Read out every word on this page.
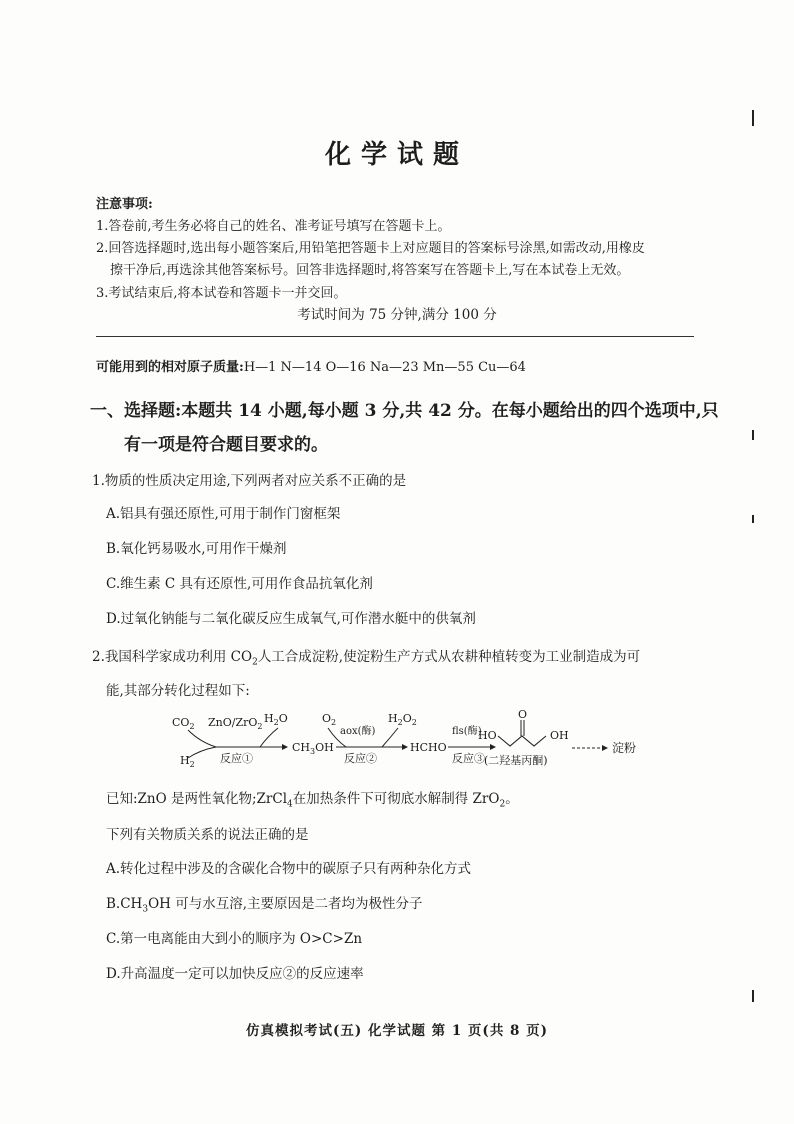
化学试题
注意事项:
1.答卷前,考生务必将自己的姓名、准考证号填写在答题卡上。
2.回答选择题时,选出每小题答案后,用铅笔把答题卡上对应题目的答案标号涂黑,如需改动,用橡皮
擦干净后,再选涂其他答案标号。回答非选择题时,将答案写在答题卡上,写在本试卷上无效。
3.考试结束后,将本试卷和答题卡一并交回。
考试时间为 75 分钟,满分 100 分
可能用到的相对原子质量:H—1 N—14 O—16 Na—23 Mn—55 Cu—64
一、选择题:本题共 14 小题,每小题 3 分,共 42 分。在每小题给出的四个选项中,只
有一项是符合题目要求的。
1.物质的性质决定用途,下列两者对应关系不正确的是
A.铝具有强还原性,可用于制作门窗框架
B.氧化钙易吸水,可用作干燥剂
C.维生素 C 具有还原性,可用作食品抗氧化剂
D.过氧化钠能与二氧化碳反应生成氧气,可作潜水艇中的供氧剂
2.我国科学家成功利用 $CO_2$人工合成淀粉,使淀粉生产方式从农耕种植转变为工业制造成为可
能,其部分转化过程如下:
$CO_2$
$H_2$
ZnO/ZrO$_2$
$H_2O$
反应①
$CH_3OH$
$O_2$
aox(酶)
$H_2O_2$
反应②
HCHO
fls(酶)
反应③
HO
O
OH
(二羟基丙酮)
淀粉
已知:ZnO 是两性氧化物;ZrCl$_4$在加热条件下可彻底水解制得 ZrO$_2$。
下列有关物质关系的说法正确的是
A.转化过程中涉及的含碳化合物中的碳原子只有两种杂化方式
$B.CH_3OH$ 可与水互溶,主要原因是二者均为极性分子
C.第一电离能由大到小的顺序为 O>C>Zn
D.升高温度一定可以加快反应②的反应速率
仿真模拟考试(五) 化学试题 第 1 页(共 8 页)
